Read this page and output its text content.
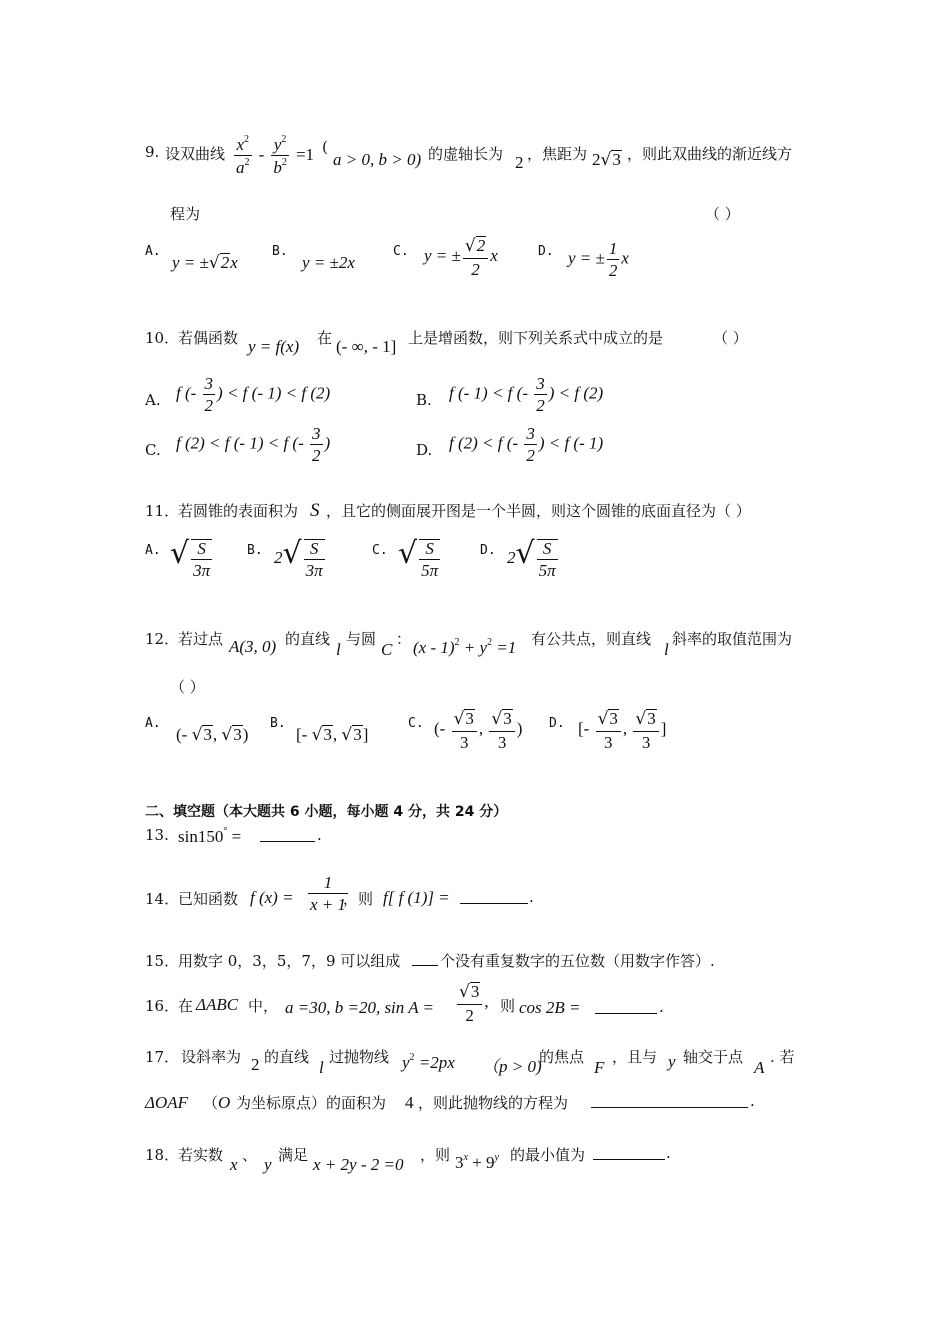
9. 设双曲线 $\frac{x^2}{a^2} - \frac{y^2}{b^2} =1$ (
a > 0, b > 0) 的虚轴长为 2 ，焦距为 2√3 ，则此双曲线的渐近线方
程为	（ ）
A.
y = ±√2x
B.
y = ±2x
C. y = ± $\frac{√2}{2}$ x	D. y = ± $\frac{1}{2}$ x
10．
若偶函数 y = f(x) 在 (- ∞, - 1] 上是增函数，则下列关系式中成立的是	（ ）
A. f (- $\frac{3}{2}$ ) < f (- 1) < f (2)	B. f (- 1) < f (- $\frac{3}{2}$ ) < f (2)
C. f (2) < f (- 1) < f (- $\frac{3}{2}$ )	D. f (2) < f (- $\frac{3}{2}$ ) < f (- 1)
11．
若圆锥的表面积为 S ，且它的侧面展开图是一个半圆，则这个圆锥的底面直径为（ ）
A. √ $\frac{S}{3\pi}$	B. $2√ \frac{S}{3\pi}$	C. √ $\frac{S}{5\pi}$	D. $2√ \frac{S}{5\pi}$
12．
若过点 A(3, 0) 的直线
l
与圆
C
： $(x - 1)^2 + y^2 =1$ 有公共点，则直线
l
斜率的取值范围为
（ ）
A.
(- √3, √3)
B.
[- √3, √3]
C. (- $\frac{√3}{3}$ , $\frac{√3}{3}$ ) D. [- $\frac{√3}{3}$ , $\frac{√3}{3}$ ]
二、填空题（本大题共 6 小题，每小题 4 分，共 24 分）
13. sin150° =	.
14．
已知函数 f $(x) = \frac{1}{x + 1}$
，则 f[ f (1)] =	.
15．
用数字 0，3，5，7，9 可以组成	个没有重复数字的五位数（用数字作答）.
16．
在 ΔABC 中， a =30, b =20, $\sin A = \frac{√3}{2}$ , 则 cos 2B =	.
17． 设斜率为 2 的直线
l
过抛物线 $y^2 =2px$ （p > 0)
的焦点
F
，且与 y 轴交于点
A
. 若
ΔOAF （ O 为坐标原点）的面积为 4 ，则此抛物线的方程为	.
18．
若实数 x 、 y 满足 x + 2y - 2 =0 ，则 $3^x + 9^y$ 的最小值为	.
